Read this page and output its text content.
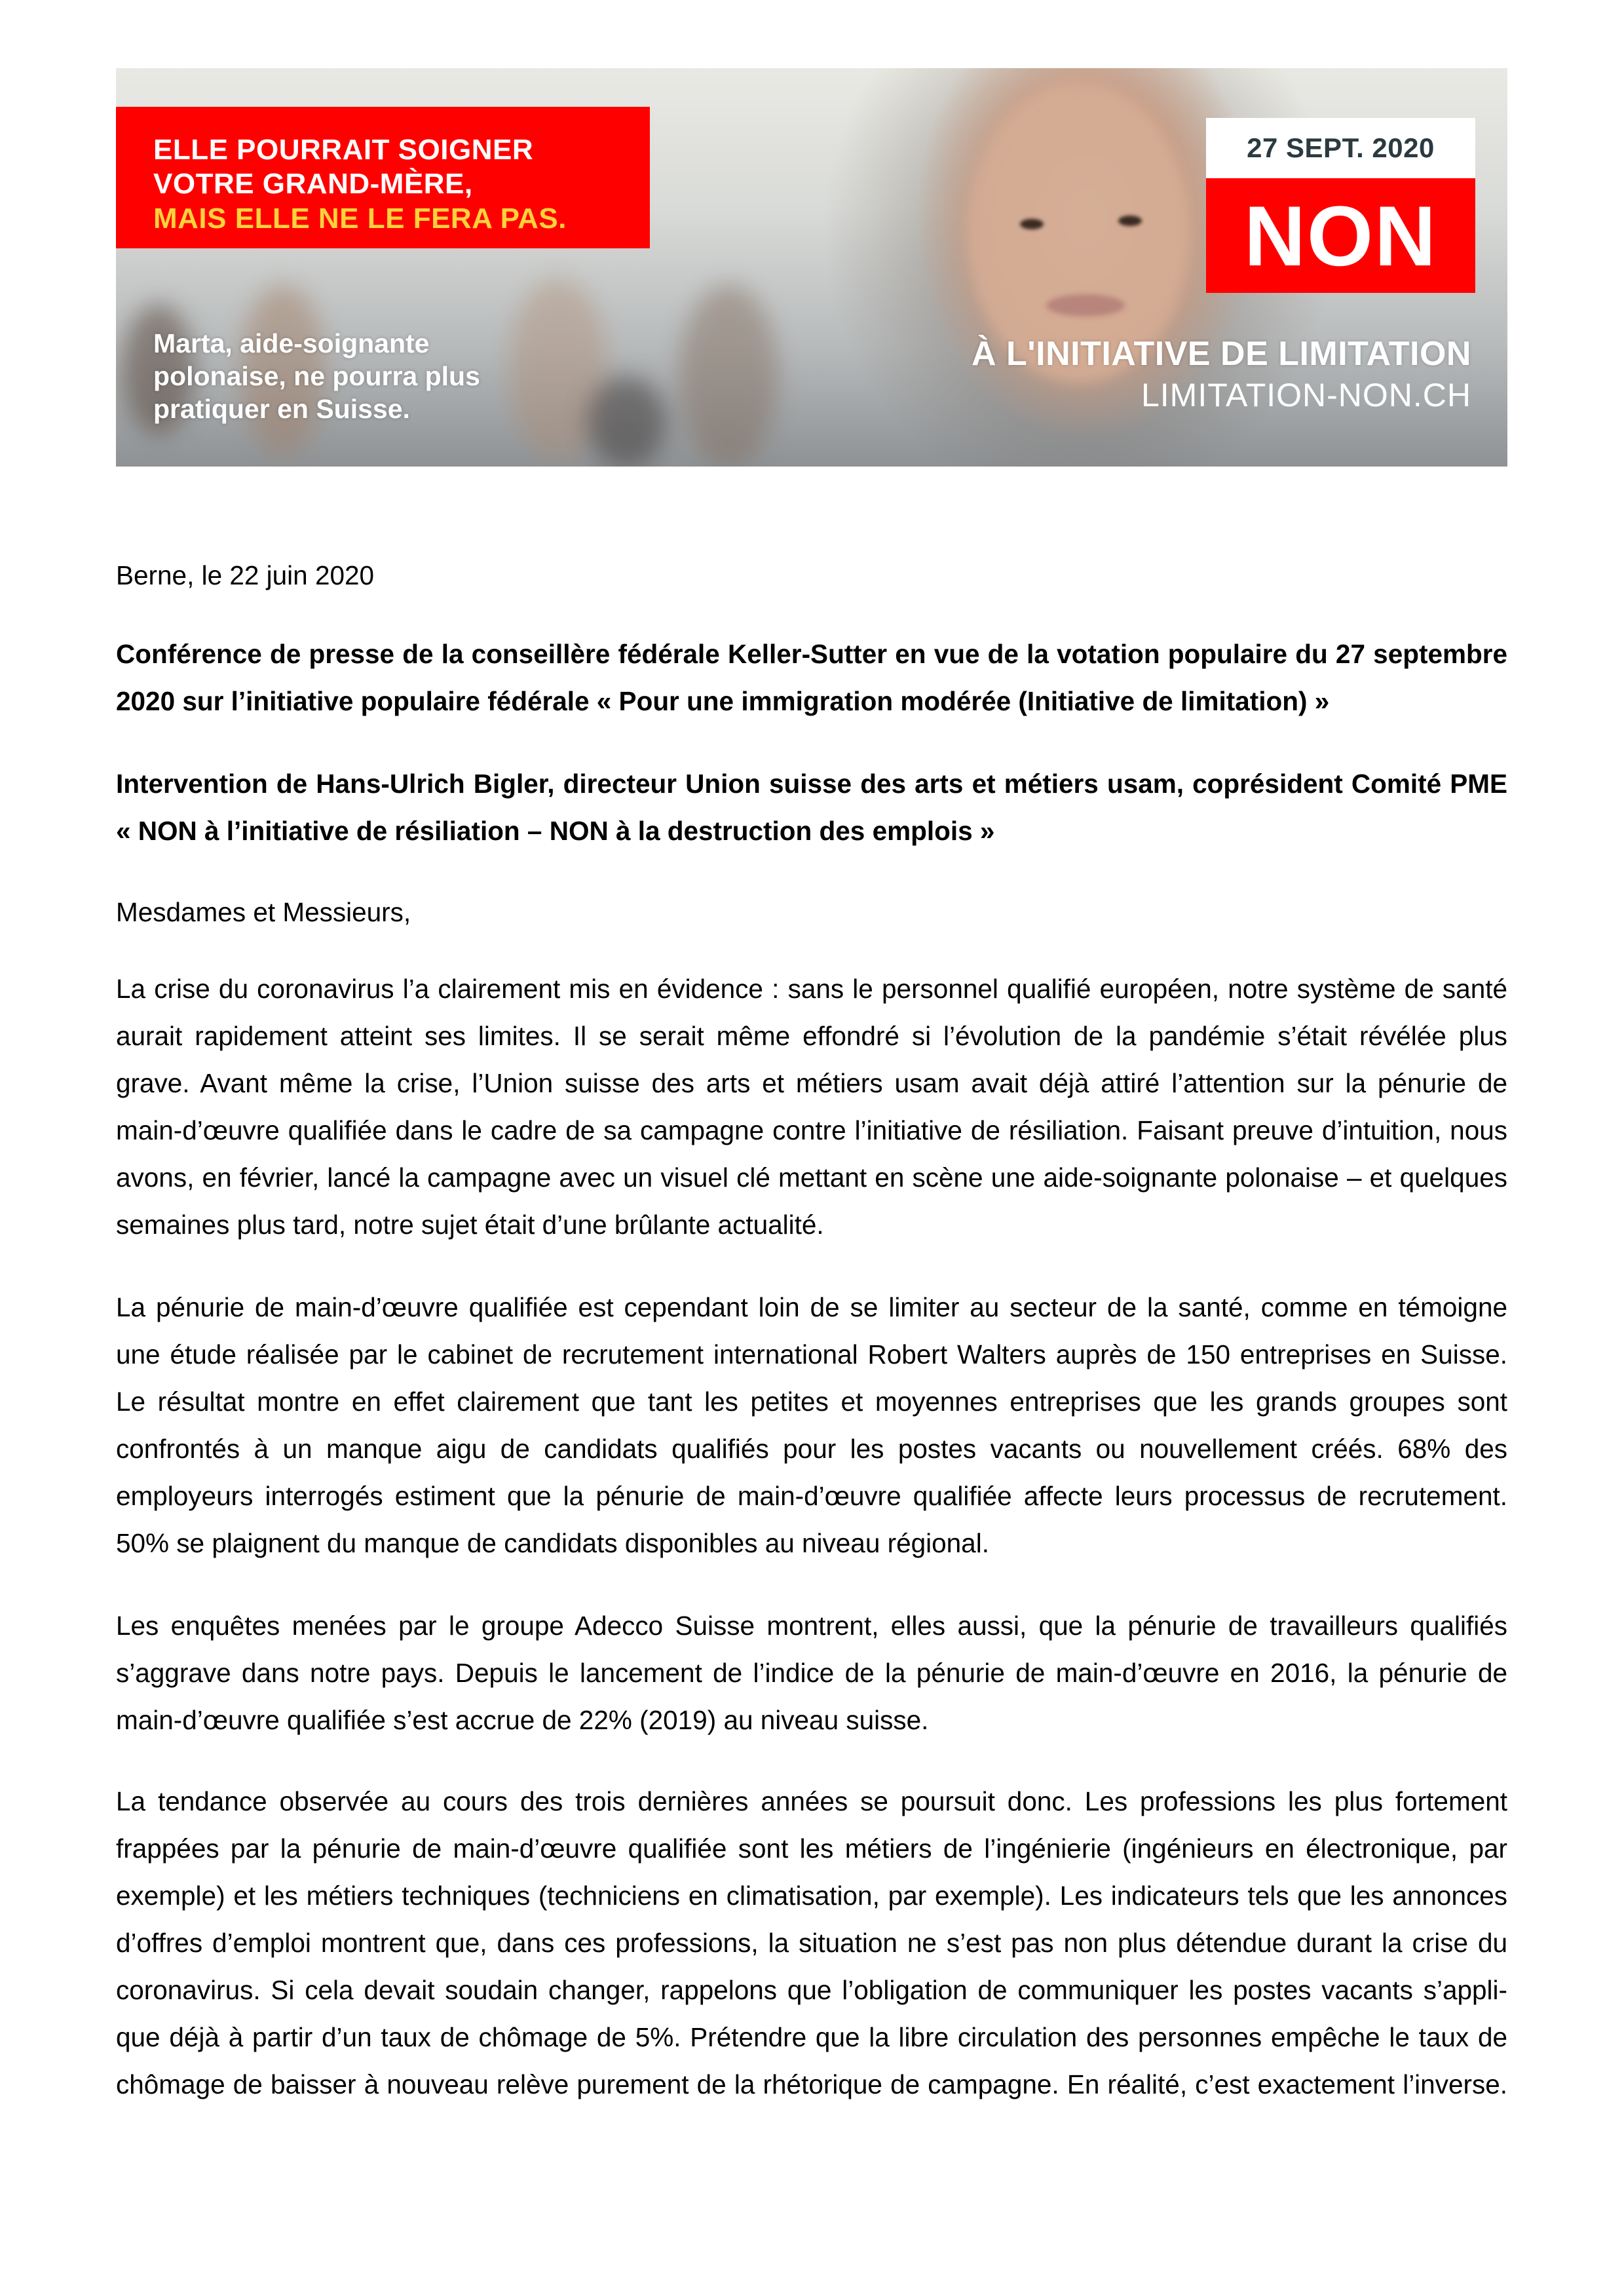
ELLE POURRAIT SOIGNER
VOTRE GRAND-MÈRE,
MAIS ELLE NE LE FERA PAS.
Marta, aide-soignante
polonaise, ne pourra plus
pratiquer en Suisse.
27 SEPT. 2020
NON
À L'INITIATIVE DE LIMITATION
LIMITATION-NON.CH

Berne, le 22 juin 2020

Conférence de presse de la conseillère fédérale Keller-Sutter en vue de la votation populaire du 27 septembre
2020 sur l’initiative populaire fédérale « Pour une immigration modérée (Initiative de limitation) »

Intervention de Hans-Ulrich Bigler, directeur Union suisse des arts et métiers usam, coprésident Comité PME
« NON à l’initiative de résiliation – NON à la destruction des emplois »

Mesdames et Messieurs,

La crise du coronavirus l’a clairement mis en évidence : sans le personnel qualifié européen, notre système de santé
aurait rapidement atteint ses limites. Il se serait même effondré si l’évolution de la pandémie s’était révélée plus
grave. Avant même la crise, l’Union suisse des arts et métiers usam avait déjà attiré l’attention sur la pénurie de
main-d’œuvre qualifiée dans le cadre de sa campagne contre l’initiative de résiliation. Faisant preuve d’intuition, nous
avons, en février, lancé la campagne avec un visuel clé mettant en scène une aide-soignante polonaise – et quelques
semaines plus tard, notre sujet était d’une brûlante actualité.

La pénurie de main-d’œuvre qualifiée est cependant loin de se limiter au secteur de la santé, comme en témoigne
une étude réalisée par le cabinet de recrutement international Robert Walters auprès de 150 entreprises en Suisse.
Le résultat montre en effet clairement que tant les petites et moyennes entreprises que les grands groupes sont
confrontés à un manque aigu de candidats qualifiés pour les postes vacants ou nouvellement créés. 68% des
employeurs interrogés estiment que la pénurie de main-d’œuvre qualifiée affecte leurs processus de recrutement.
50% se plaignent du manque de candidats disponibles au niveau régional.

Les enquêtes menées par le groupe Adecco Suisse montrent, elles aussi, que la pénurie de travailleurs qualifiés
s’aggrave dans notre pays. Depuis le lancement de l’indice de la pénurie de main-d’œuvre en 2016, la pénurie de
main-d’œuvre qualifiée s’est accrue de 22% (2019) au niveau suisse.

La tendance observée au cours des trois dernières années se poursuit donc. Les professions les plus fortement
frappées par la pénurie de main-d’œuvre qualifiée sont les métiers de l’ingénierie (ingénieurs en électronique, par
exemple) et les métiers techniques (techniciens en climatisation, par exemple). Les indicateurs tels que les annonces
d’offres d’emploi montrent que, dans ces professions, la situation ne s’est pas non plus détendue durant la crise du
coronavirus. Si cela devait soudain changer, rappelons que l’obligation de communiquer les postes vacants s’appli-
que déjà à partir d’un taux de chômage de 5%. Prétendre que la libre circulation des personnes empêche le taux de
chômage de baisser à nouveau relève purement de la rhétorique de campagne. En réalité, c’est exactement l’inverse.
